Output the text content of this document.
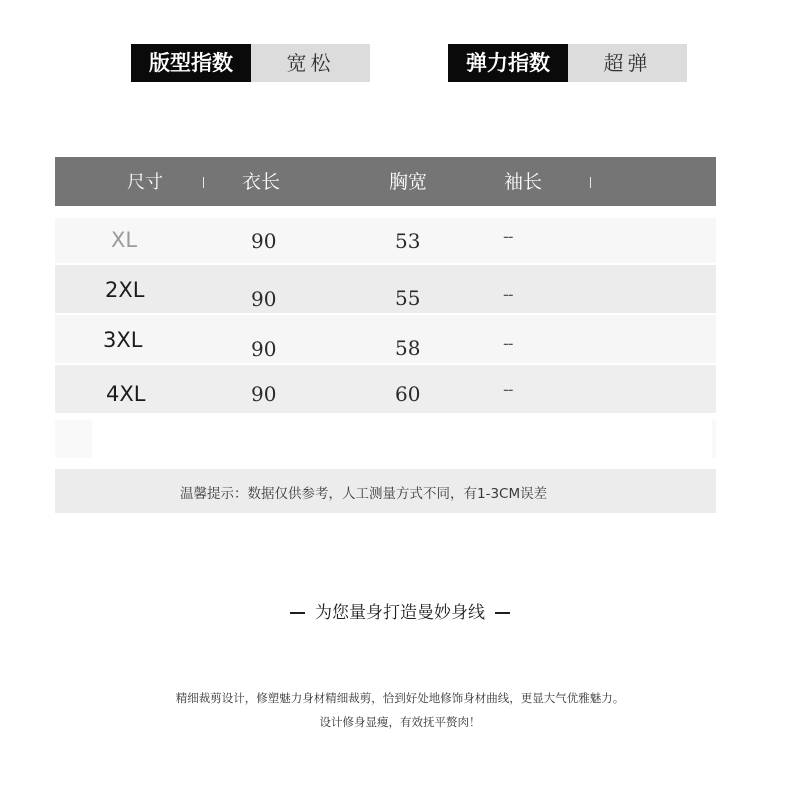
版型指数	宽松	弹力指数	超弹
尺寸	衣长	胸宽	袖长
XL	90	53	--
2XL	90	55	--
3XL	90	58	--
4XL	90	60	--
温馨提示：数据仅供参考，人工测量方式不同，有1-3CM误差
为您量身打造曼妙身线
精细裁剪设计，修塑魅力身材精细裁剪，恰到好处地修饰身材曲线，更显大气优雅魅力。
设计修身显瘦，有效抚平赘肉！
